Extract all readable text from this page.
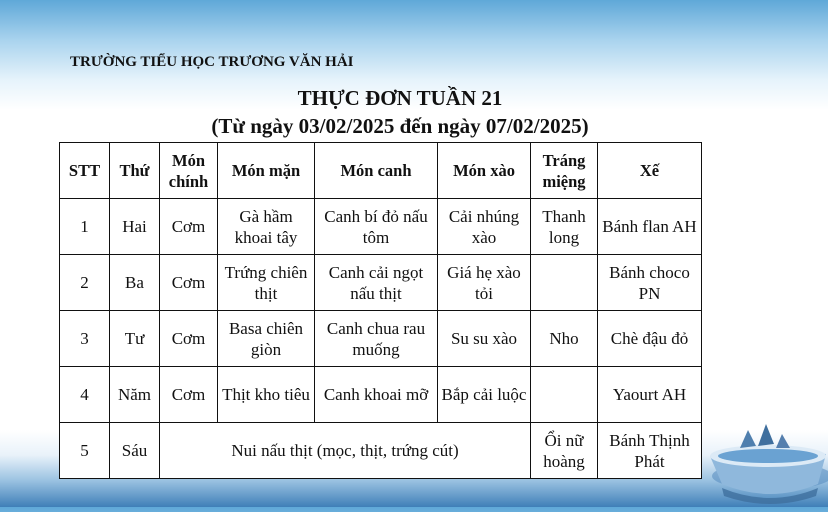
TRƯỜNG TIỂU HỌC TRƯƠNG VĂN HẢI
THỰC ĐƠN TUẦN 21
(Từ ngày 03/02/2025 đến ngày 07/02/2025)
STT	Thứ	Món chính	Món mặn	Món canh	Món xào	Tráng miệng	Xế
1	Hai	Cơm	Gà hầm khoai tây	Canh bí đỏ nấu tôm	Cải nhúng xào	Thanh long	Bánh flan AH
2	Ba	Cơm	Trứng chiên thịt	Canh cải ngọt nấu thịt	Giá hẹ xào tỏi		Bánh choco PN
3	Tư	Cơm	Basa chiên giòn	Canh chua rau muống	Su su xào	Nho	Chè đậu đỏ
4	Năm	Cơm	Thịt kho tiêu	Canh khoai mỡ	Bắp cải luộc		Yaourt AH
5	Sáu	Nui nấu thịt (mọc, thịt, trứng cút)				Ổi nữ hoàng	Bánh Thịnh Phát
